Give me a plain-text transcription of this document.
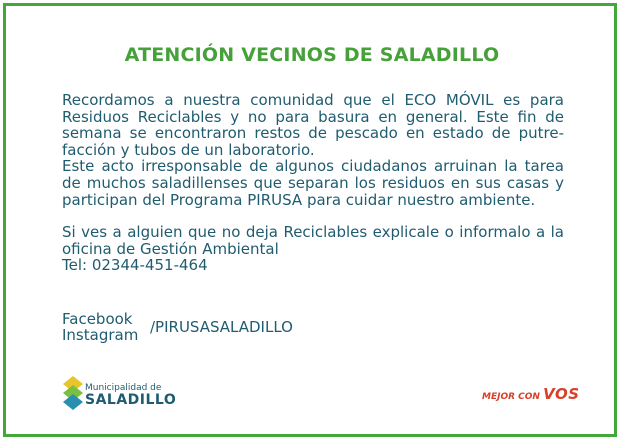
ATENCIÓN VECINOS DE SALADILLO

Recordamos a nuestra comunidad que el ECO MÓVIL es para Residuos Reciclables y no para basura en general. Este fin de semana se encontraron restos de pescado en estado de putre-facción y tubos de un laboratorio.

Este acto irresponsable de algunos ciudadanos arruinan la tarea de muchos saladillenses que separan los residuos en sus casas y participan del Programa PIRUSA para cuidar nuestro ambiente.

Si ves a alguien que no deja Reciclables explicale o informalo a la oficina de Gestión Ambiental

Tel: 02344-451-464

Facebook
Instagram /PIRUSASALADILLO
Municipalidad de
SALADILLO	MEJOR CON VOS
